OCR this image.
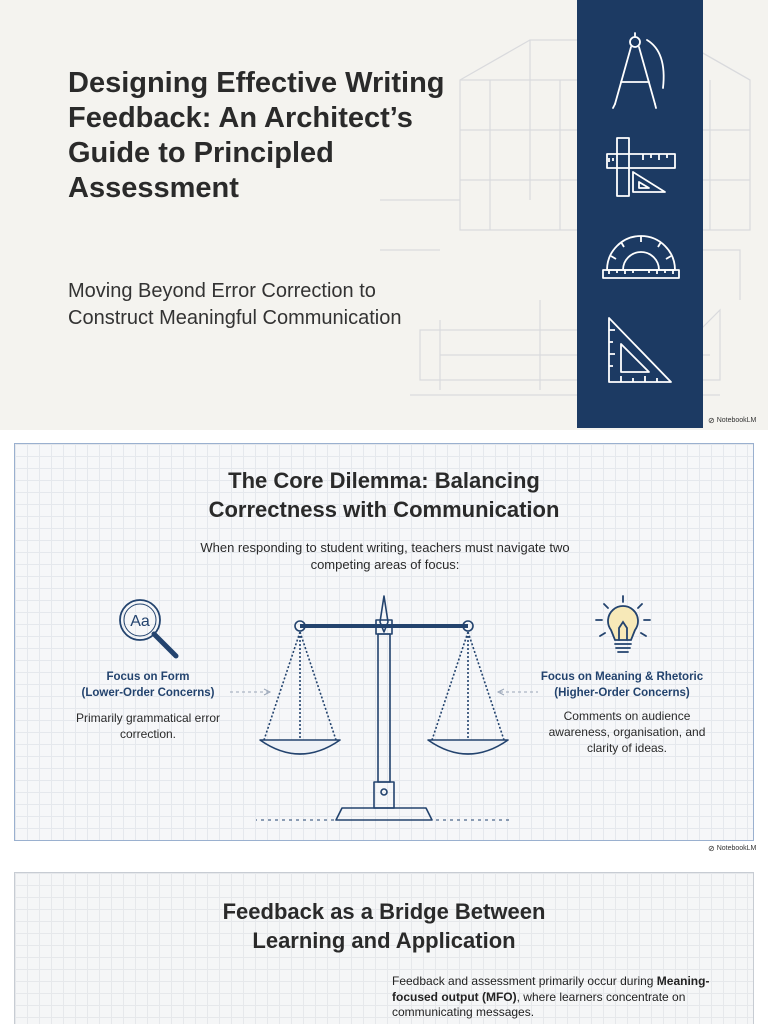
Designing Effective Writing Feedback: An Architect’s Guide to Principled Assessment

Moving Beyond Error Correction to Construct Meaningful Communication

⊘ NotebookLM
The Core Dilemma: Balancing
Correctness with Communication

When responding to student writing, teachers must navigate two competing areas of focus:

Aa
Focus on Form
(Lower-Order Concerns)

Primarily grammatical error correction.

Focus on Meaning & Rhetoric
(Higher-Order Concerns)

Comments on audience awareness, organisation, and clarity of ideas.

⊘ NotebookLM
Feedback as a Bridge Between
Learning and Application

Feedback and assessment primarily occur during Meaning-focused output (MFO), where learners concentrate on communicating messages.
